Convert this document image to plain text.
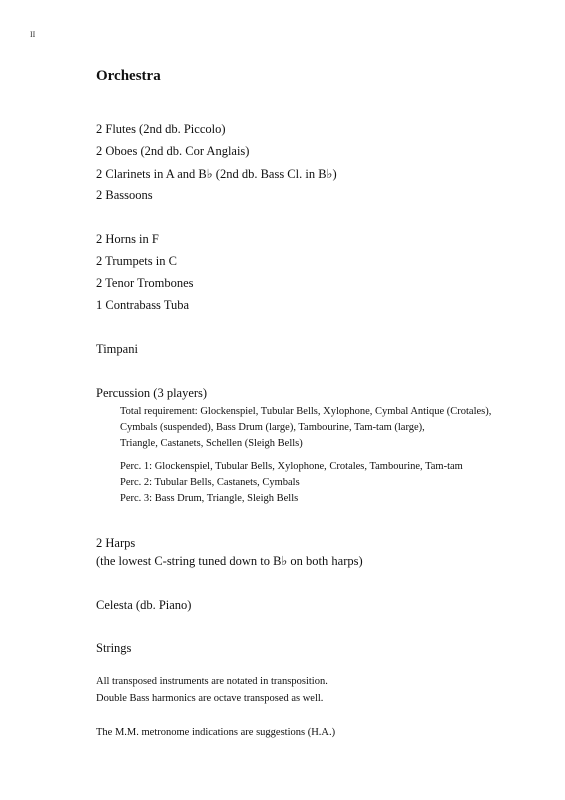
II
Orchestra
2 Flutes (2nd db. Piccolo)
2 Oboes (2nd db. Cor Anglais)
2 Clarinets in A and B♭ (2nd db. Bass Cl. in B♭)
2 Bassoons
2 Horns in F
2 Trumpets in C
2 Tenor Trombones
1 Contrabass Tuba
Timpani
Percussion (3 players)
Total requirement: Glockenspiel, Tubular Bells, Xylophone, Cymbal Antique (Crotales),
Cymbals (suspended), Bass Drum (large), Tambourine, Tam-tam (large),
Triangle, Castanets, Schellen (Sleigh Bells)
Perc. 1: Glockenspiel, Tubular Bells, Xylophone, Crotales, Tambourine, Tam-tam
Perc. 2: Tubular Bells, Castanets, Cymbals
Perc. 3: Bass Drum, Triangle, Sleigh Bells
2 Harps
(the lowest C-string tuned down to B♭ on both harps)
Celesta (db. Piano)
Strings
All transposed instruments are notated in transposition.
Double Bass harmonics are octave transposed as well.
The M.M. metronome indications are suggestions (H.A.)
